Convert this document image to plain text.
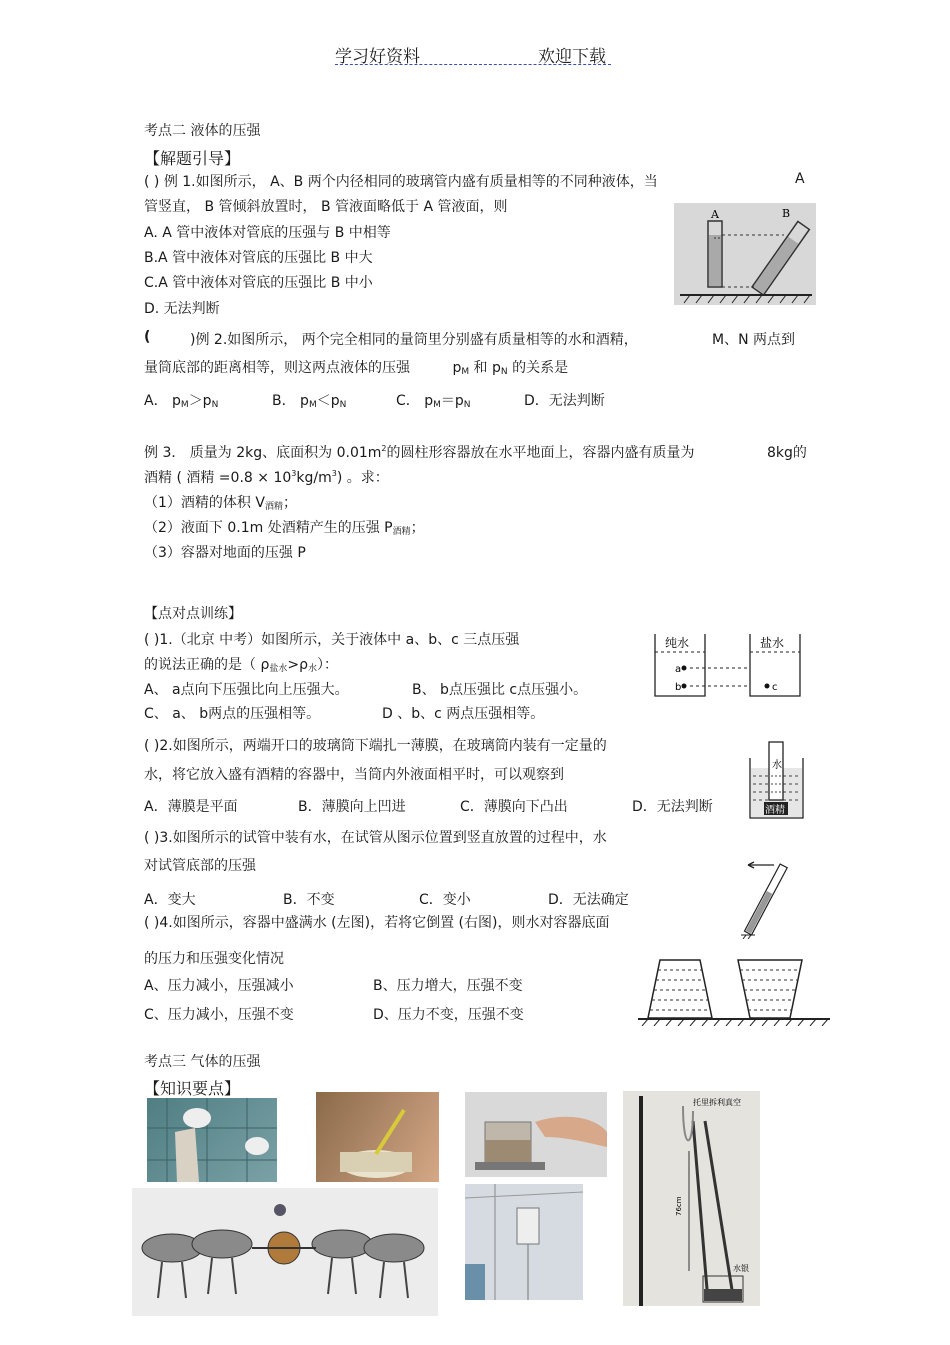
学习好资料	欢迎下载
考点二 液体的压强
【解题引导】
( ) 例 1.如图所示， A、B 两个内径相同的玻璃管内盛有质量相等的不同种液体，当	A
管竖直， B 管倾斜放置时， B 管液面略低于 A 管液面，则
A. A 管中液体对管底的压强与 B 中相等
B.A 管中液体对管底的压强比 B 中大
C.A 管中液体对管底的压强比 B 中小
D. 无法判断
A	B
(	)例 2.如图所示， 两个完全相同的量筒里分别盛有质量相等的水和酒精，	M、N 两点到
量筒底部的距离相等，则这两点液体的压强	$p_M$ 和 $p_N$ 的关系是
A． $p_M>p_N$	B． $p_M<p_N$	C． $p_M=p_N$	D．无法判断
例 3． 质量为 2kg、底面积为 $0.01m^2$的圆柱形容器放在水平地面上，容器内盛有质量为	8kg的
酒精 ( 酒精 $=0.8 \times 10^3kg/m^3$) 。求：
（1）酒精的体积 $V_{酒精}$；
（2）液面下 0.1m 处酒精产生的压强 $P_{酒精}$；
（3）容器对地面的压强 P
【点对点训练】
( )1.（北京 中考）如图所示，关于液体中 a、b、c 三点压强
的说法正确的是（ $\rho_{盐水}>\rho_水$）：
A、 a点向下压强比向上压强大。	B、 b点压强比 c点压强小。
C、 a、 b两点的压强相等。	D 、b、c 两点压强相等。
纯水	盐水
a
b	c
( )2.如图所示，两端开口的玻璃筒下端扎一薄膜，在玻璃筒内装有一定量的
水，将它放入盛有酒精的容器中，当筒内外液面相平时，可以观察到
A．薄膜是平面	B．薄膜向上凹进	C．薄膜向下凸出	D．无法判断
水
酒精
( )3.如图所示的试管中装有水，在试管从图示位置到竖直放置的过程中，水
对试管底部的压强
A．变大	B．不变	C．变小	D．无法确定
( )4.如图所示，容器中盛满水 (左图)，若将它倒置 (右图)，则水对容器底面
的压力和压强变化情况
A、压力减小，压强减小	B、压力增大，压强不变
C、压力减小，压强不变	D、压力不变，压强不变
考点三 气体的压强
【知识要点】
托里拆利真空
76cm
水银
